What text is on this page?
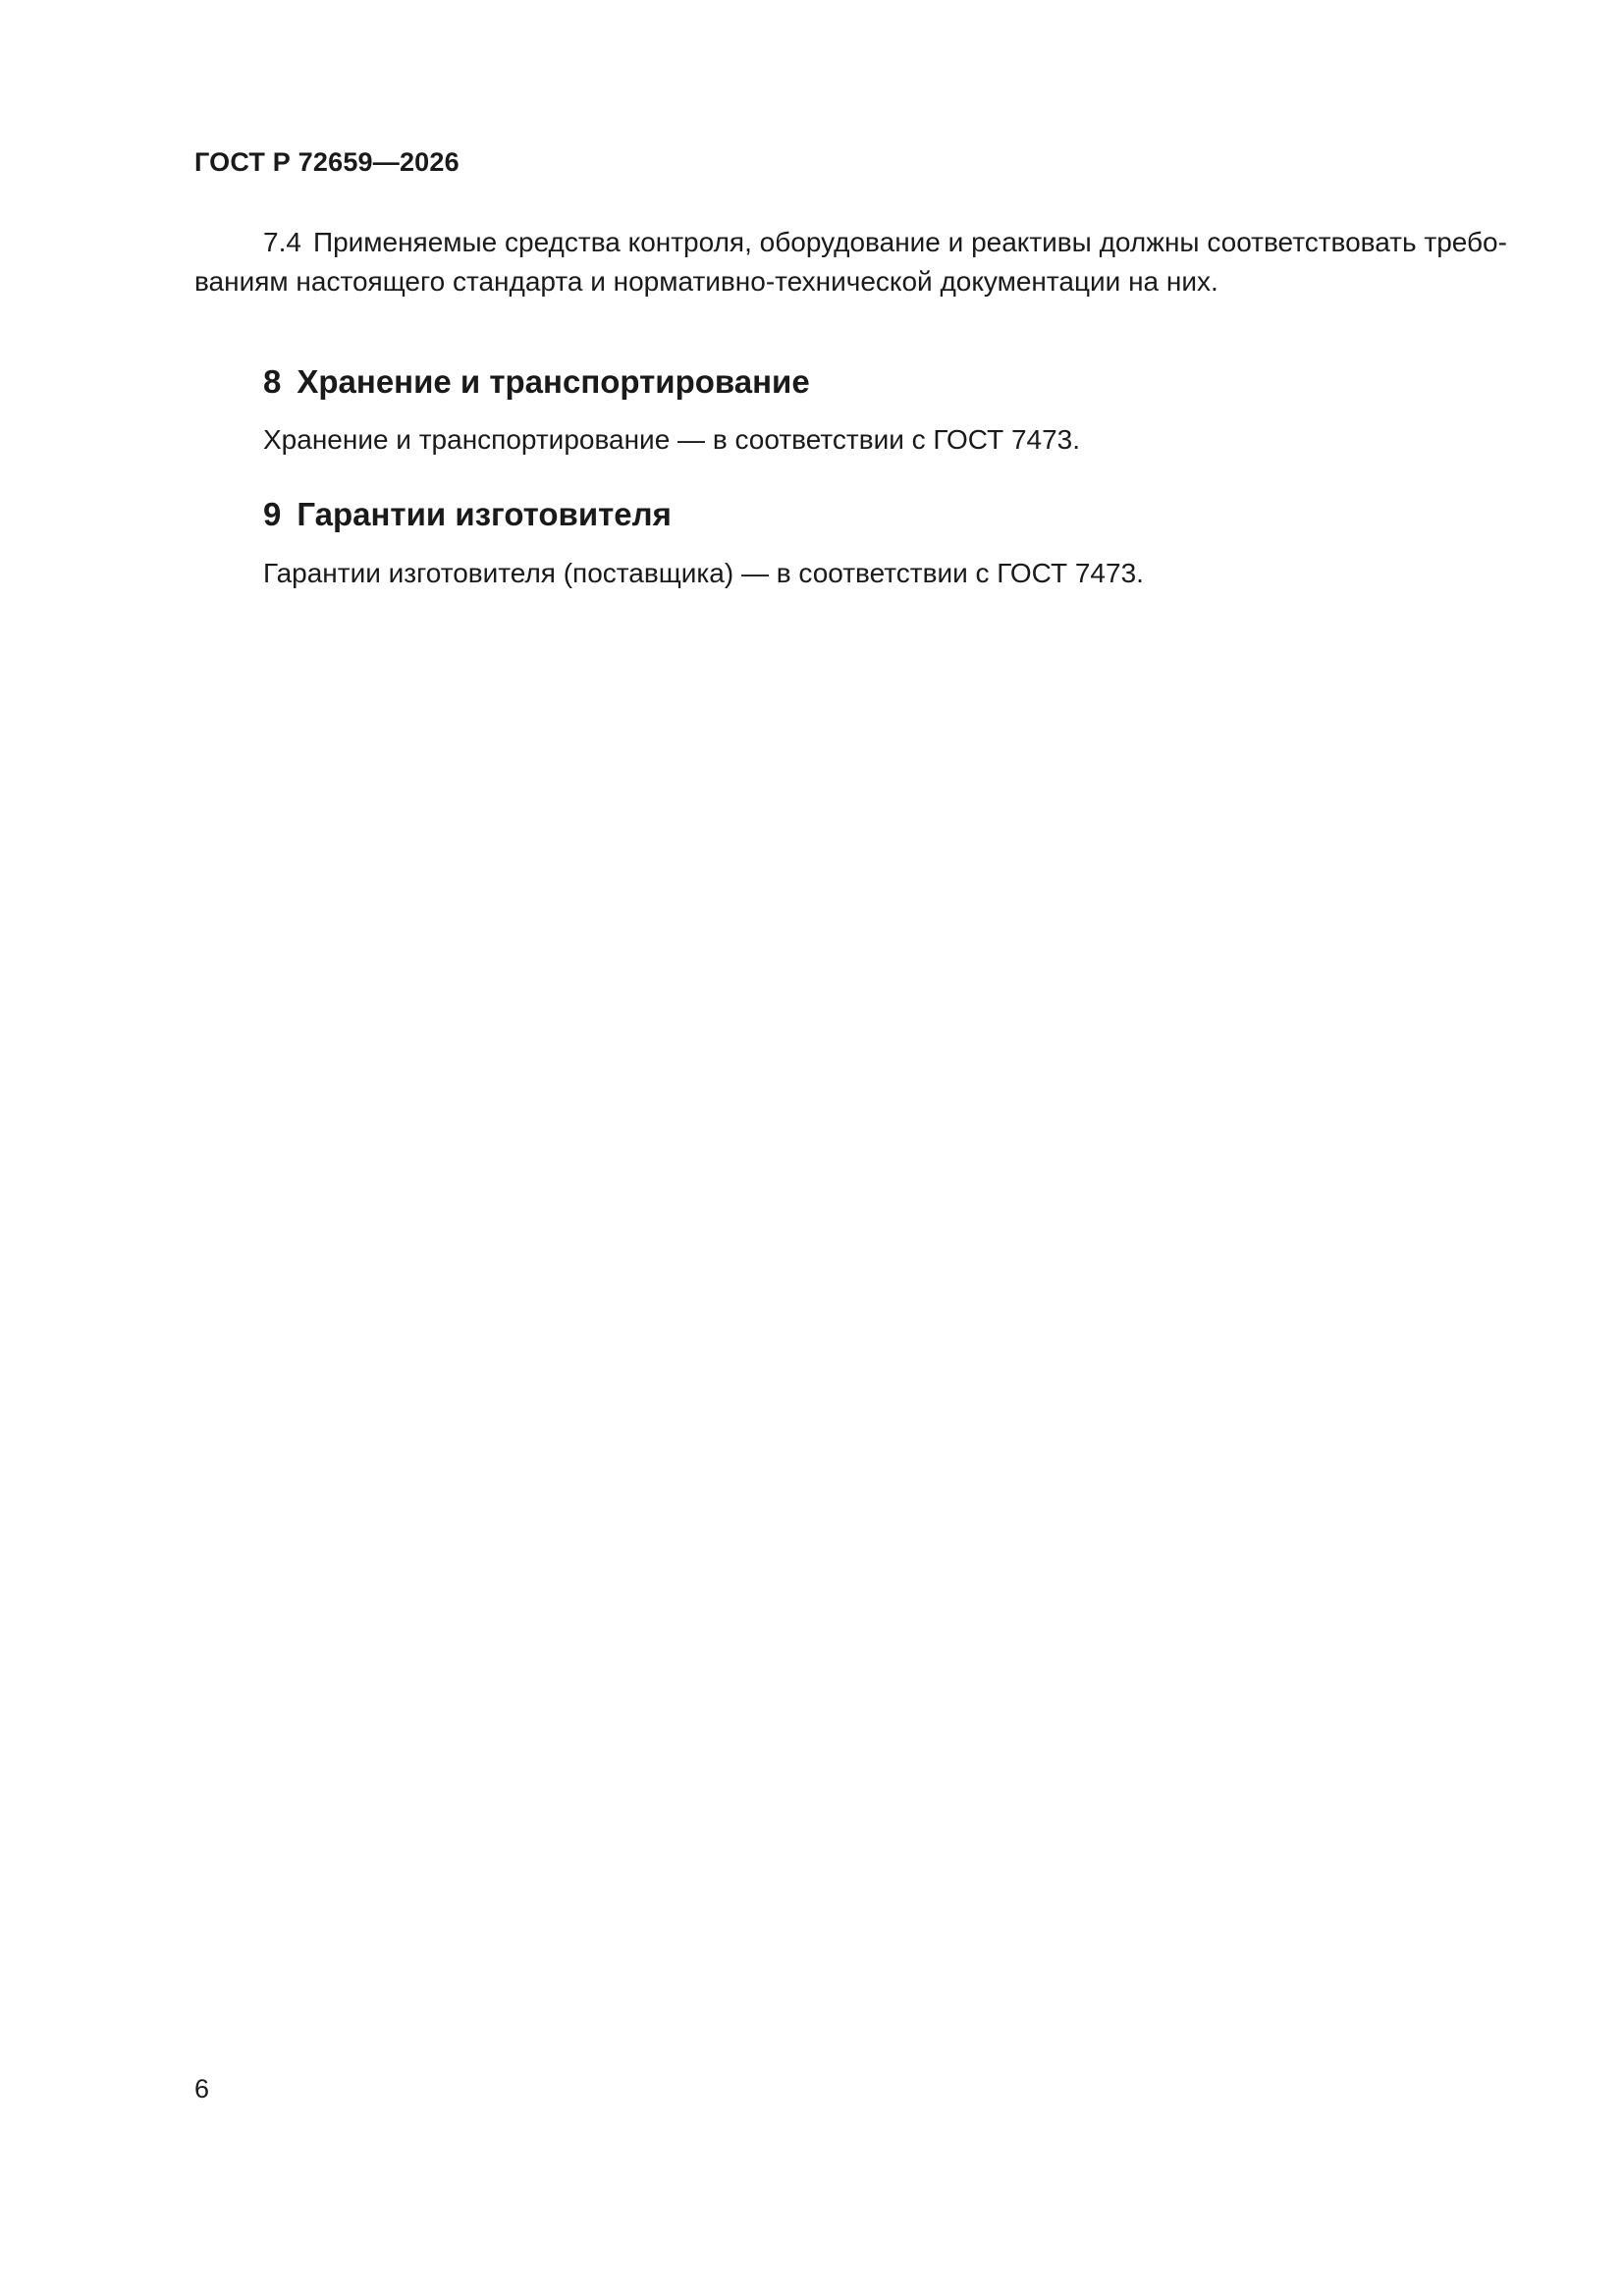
ГОСТ Р 72659—2026

7.4 Применяемые средства контроля, оборудование и реактивы должны соответствовать требо-
ваниям настоящего стандарта и нормативно-технической документации на них.

8 Хранение и транспортирование

Хранение и транспортирование — в соответствии с ГОСТ 7473.

9 Гарантии изготовителя

Гарантии изготовителя (поставщика) — в соответствии с ГОСТ 7473.

6
